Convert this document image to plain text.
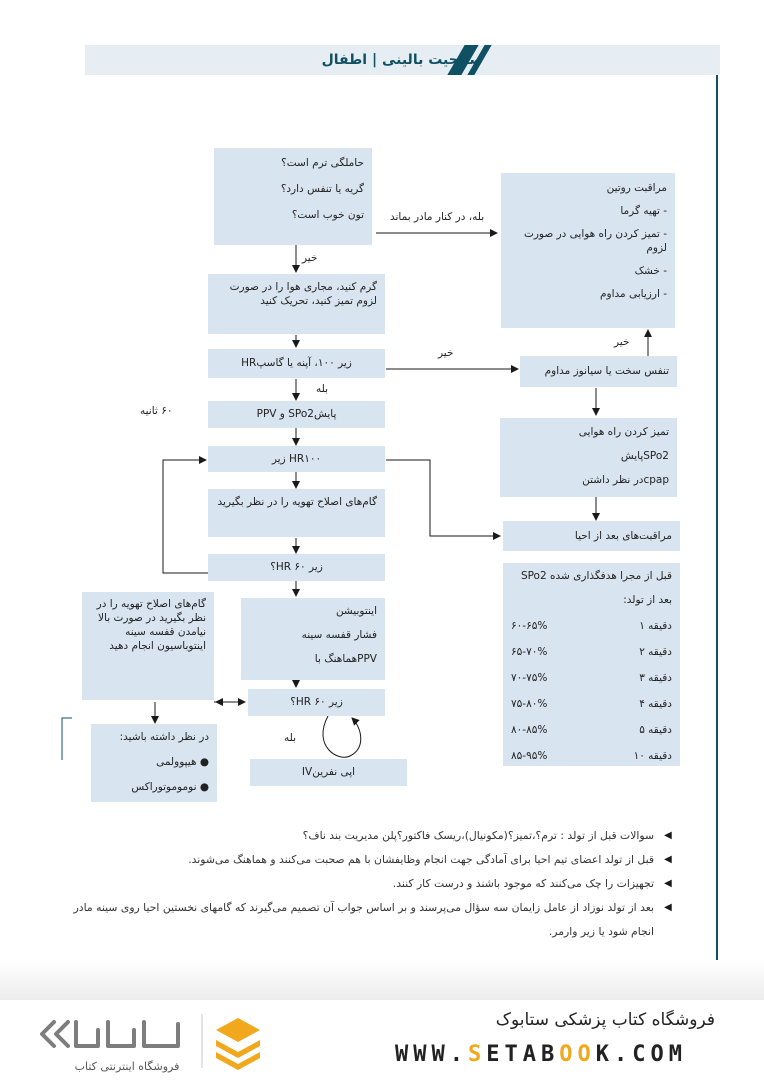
صلاحیت بالینی | اطفال
حاملگی ترم است؟
گریه یا تنفس دارد؟
تون خوب است؟
مراقبت روتین
- تهیه گرما
- تمیز کردن راه هوایی در صورت لزوم
- خشک
- ارزیابی مداوم
گرم کنید، مجاری هوا را در صورت لزوم تمیز کنید، تحریک کنید
زیر ۱۰۰، آپنه یا گاسپHR
تنفس سخت یا سیانوز مداوم
پایشSPo2 و PPV
تمیز کردن راه هوایی
SPo2پایش
cpapدر نظر داشتن
HR۱۰۰ زیر
گام‌های اصلاح تهویه را در نظر بگیرید
مراقبت‌های بعد از احیا
زیر ۶۰ HR؟
قبل از مجرا هدفگذاری شده SPo2
بعد از تولد:
دقیقه ۱
۶۰-۶۵%
دقیقه ۲
۶۵-۷۰%
دقیقه ۳
۷۰-۷۵%
دقیقه ۴
۷۵-۸۰%
دقیقه ۵
۸۰-۸۵%
دقیقه ۱۰
۸۵-۹۵%
گام‌های اصلاح تهویه را در نظر بگیرید در صورت بالا نیامدن قفسه سینه اینتوباسیون انجام دهید
اینتوبیشن
فشار قفسه سینه
PPVهماهنگ با
زیر ۶۰ HR؟
در نظر داشته باشید:
● هیپوولمی
● نوموموتوراکس
اپی نفرینIV
بله، در کنار مادر بماند
خیر
خیر
خیر
بله
۶۰ ثانیه
بله
▶ سوالات قبل از تولد : ترم؟،تمیز؟(مکونیال)،ریسک فاکتور؟پلن مدیریت بند ناف؟
▶ قبل از تولد اعضای تیم احیا برای آمادگی جهت انجام وظایفشان با هم صحبت می‌کنند و هماهنگ می‌شوند.
▶ تجهیزات را چک می‌کنند که موجود باشند و درست کار کنند.
▶ بعد از تولد نوزاد از عامل زایمان سه سؤال می‌پرسند و بر اساس جواب آن تصمیم می‌گیرند که گامهای نخستین احیا روی سینه مادر انجام شود یا زیر وارمر.
فروشگاه اینترنتی کتاب
فروشگاه کتاب پزشکی ستابوک
WWW.SETABOOK.COM
